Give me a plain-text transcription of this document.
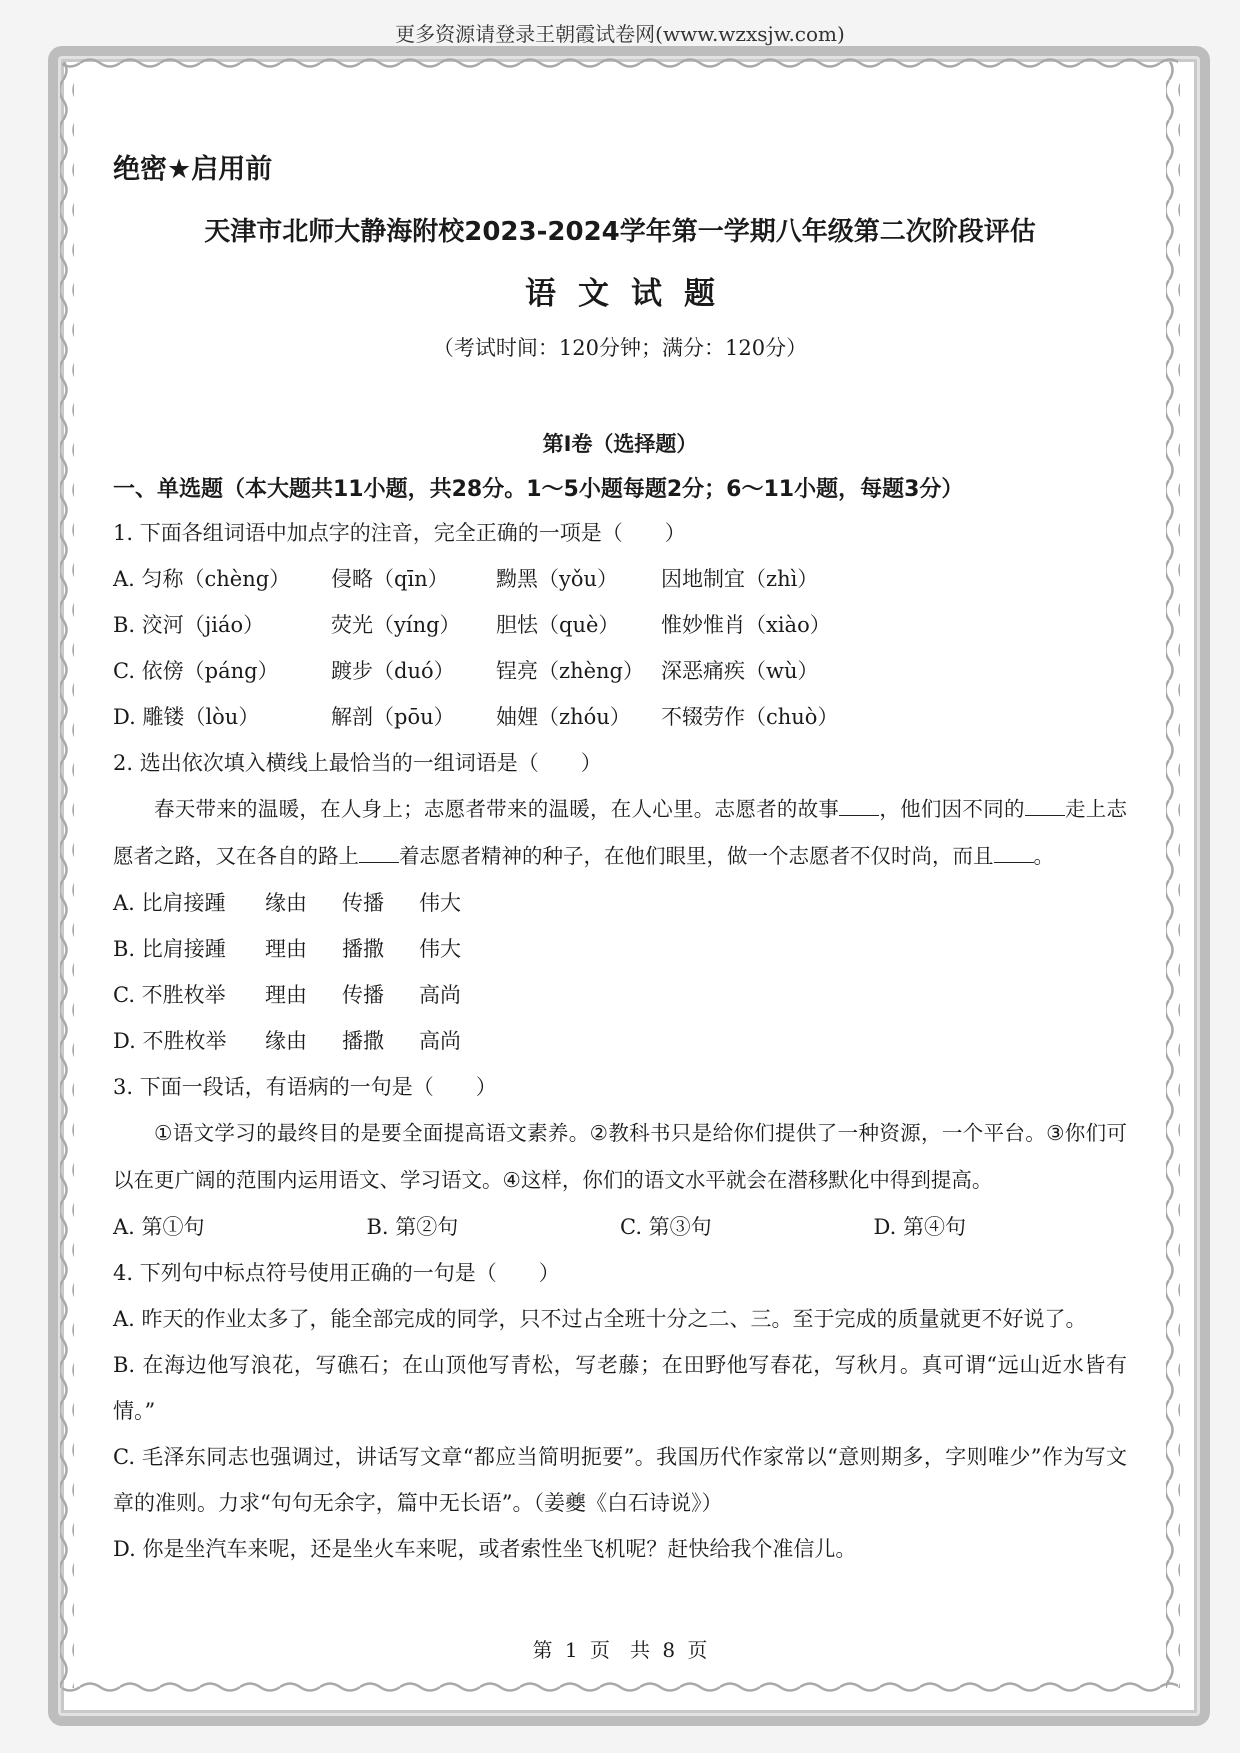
更多资源请登录王朝霞试卷网(www.wzxsjw.com)
绝密★启用前
天津市北师大静海附校2023-2024学年第一学期八年级第二次阶段评估
语文试题
（考试时间：120分钟；满分：120分）
第Ⅰ卷（选择题）
一、单选题（本大题共11小题，共28分。1～5小题每题2分；6～11小题，每题3分）
1. 下面各组词语中加点字的注音，完全正确的一项是（　　）
A. 匀称（chèng）	侵略（qīn）	黝黑（yǒu）	因地制宜（zhì）
B. 洨河（jiáo）	荧光（yíng）	胆怯（què）	惟妙惟肖（xiào）
C. 依傍（páng）	踱步（duó）	锃亮（zhèng） 深恶痛疾（wù）
D. 雕镂（lòu）	解剖（pōu）	妯娌（zhóu）	不辍劳作（chuò）
2. 选出依次填入横线上最恰当的一组词语是（　　）
春天带来的温暖，在人身上；志愿者带来的温暖，在人心里。志愿者的故事 ，他们因不同的 走上志愿者之路，又在各自的路上 着志愿者精神的种子，在他们眼里，做一个志愿者不仅时尚，而且 。
A. 比肩接踵	缘由	传播	伟大
B. 比肩接踵	理由	播撒	伟大
C. 不胜枚举	理由	传播	高尚
D. 不胜枚举	缘由	播撒	高尚
3. 下面一段话，有语病的一句是（　　）
①语文学习的最终目的是要全面提高语文素养。②教科书只是给你们提供了一种资源，一个平台。③你们可以在更广阔的范围内运用语文、学习语文。④这样，你们的语文水平就会在潜移默化中得到提高。
A. 第①句	B. 第②句	C. 第③句	D. 第④句
4. 下列句中标点符号使用正确的一句是（　　）
A. 昨天的作业太多了，能全部完成的同学，只不过占全班十分之二、三。至于完成的质量就更不好说了。
B. 在海边他写浪花，写礁石；在山顶他写青松，写老藤；在田野他写春花，写秋月。真可谓“远山近水皆有情。”
C. 毛泽东同志也强调过，讲话写文章“都应当简明扼要”。我国历代作家常以“意则期多，字则唯少”作为写文章的准则。力求“句句无余字，篇中无长语”。（姜夔《白石诗说》）
D. 你是坐汽车来呢，还是坐火车来呢，或者索性坐飞机呢？赶快给我个准信儿。
第 1 页　共 8 页
